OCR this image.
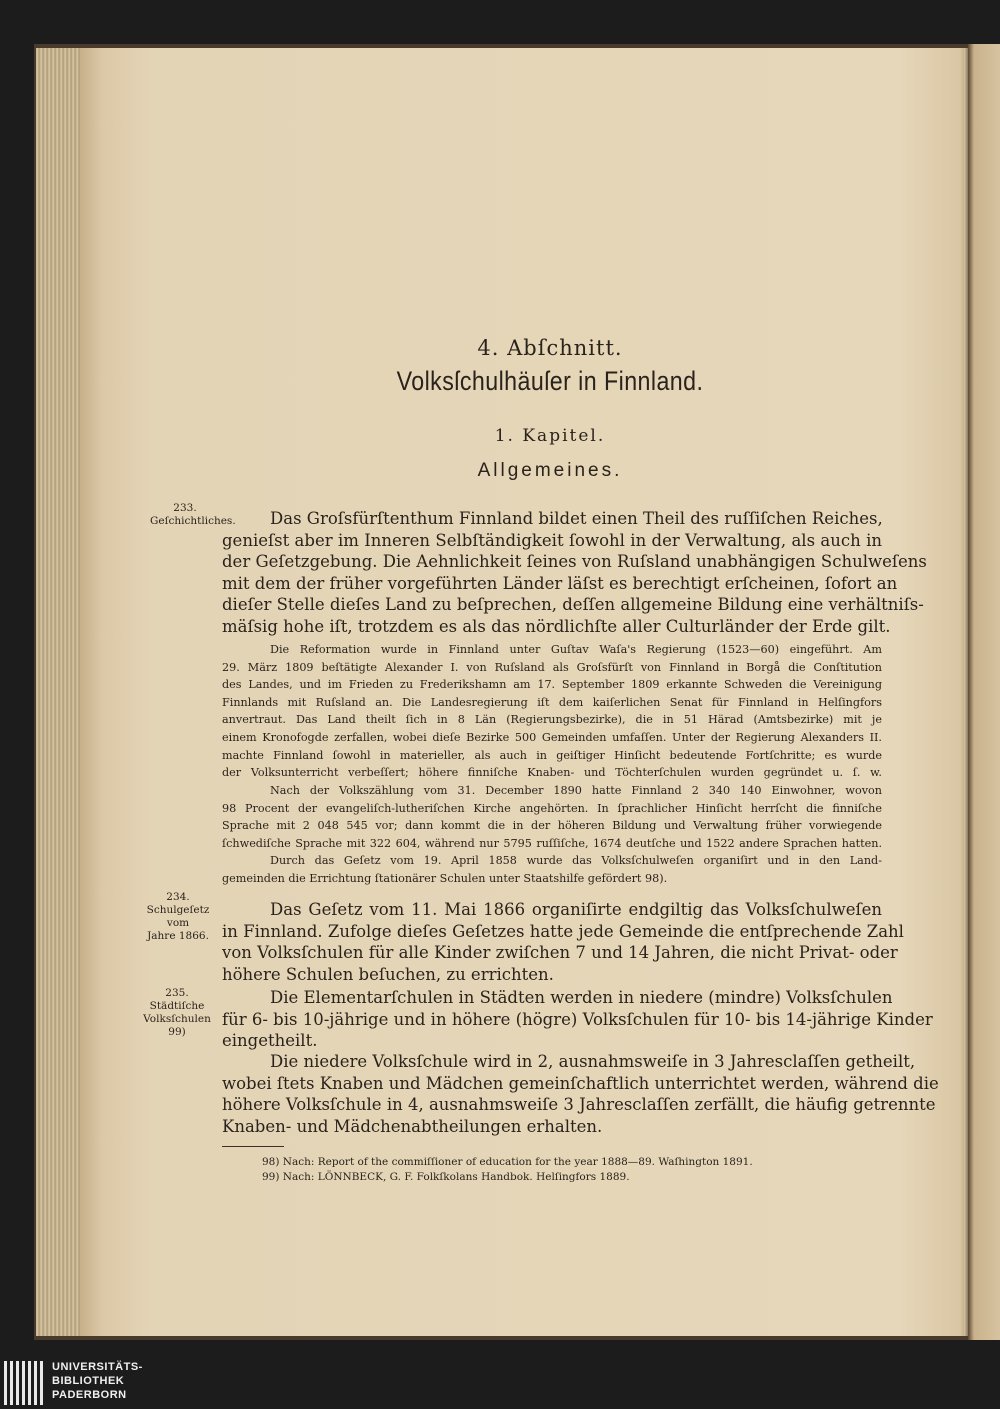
4. Abſchnitt.
Volksſchulhäuſer in Finnland.
1. Kapitel.
Allgemeines.
233.
Geſchichtliches.
234.
Schulgeſetz
vom
Jahre 1866.
235.
Städtiſche
Volksſchulen 99)
Das Groſsfürſtenthum Finnland bildet einen Theil des ruſſiſchen Reiches,
genieſst aber im Inneren Selbſtändigkeit ſowohl in der Verwaltung, als auch in
der Geſetzgebung. Die Aehnlichkeit ſeines von Ruſsland unabhängigen Schulweſens
mit dem der früher vorgeführten Länder läſst es berechtigt erſcheinen, ſofort an
dieſer Stelle dieſes Land zu beſprechen, deſſen allgemeine Bildung eine verhältniſs-
mäſsig hohe iſt, trotzdem es als das nördlichſte aller Culturländer der Erde gilt.
Die Reformation wurde in Finnland unter Guſtav Waſa's Regierung (1523—60) eingeführt. Am
29. März 1809 beſtätigte Alexander I. von Ruſsland als Groſsfürſt von Finnland in Borgå die Conſtitution
des Landes, und im Frieden zu Frederikshamn am 17. September 1809 erkannte Schweden die Vereinigung
Finnlands mit Ruſsland an. Die Landesregierung iſt dem kaiſerlichen Senat für Finnland in Helſingfors
anvertraut. Das Land theilt ſich in 8 Län (Regierungsbezirke), die in 51 Härad (Amtsbezirke) mit je
einem Kronofogde zerfallen, wobei dieſe Bezirke 500 Gemeinden umfaſſen. Unter der Regierung Alexanders II.
machte Finnland ſowohl in materieller, als auch in geiſtiger Hinſicht bedeutende Fortſchritte; es wurde
der Volksunterricht verbeſſert; höhere finniſche Knaben- und Töchterſchulen wurden gegründet u. ſ. w.
Nach der Volkszählung vom 31. December 1890 hatte Finnland 2 340 140 Einwohner, wovon
98 Procent der evangeliſch-lutheriſchen Kirche angehörten. In ſprachlicher Hinſicht herrſcht die finniſche
Sprache mit 2 048 545 vor; dann kommt die in der höheren Bildung und Verwaltung früher vorwiegende
ſchwediſche Sprache mit 322 604, während nur 5795 ruſſiſche, 1674 deutſche und 1522 andere Sprachen hatten.
Durch das Geſetz vom 19. April 1858 wurde das Volksſchulweſen organiſirt und in den Land-
gemeinden die Errichtung ſtationärer Schulen unter Staatshilfe gefördert 98).
Das Geſetz vom 11. Mai 1866 organiſirte endgiltig das Volksſchulweſen
in Finnland. Zufolge dieſes Geſetzes hatte jede Gemeinde die entſprechende Zahl
von Volksſchulen für alle Kinder zwiſchen 7 und 14 Jahren, die nicht Privat- oder
höhere Schulen beſuchen, zu errichten.
Die Elementarſchulen in Städten werden in niedere (mindre) Volksſchulen
für 6- bis 10-jährige und in höhere (högre) Volksſchulen für 10- bis 14-jährige Kinder
eingetheilt.
Die niedere Volksſchule wird in 2, ausnahmsweiſe in 3 Jahresclaſſen getheilt,
wobei ſtets Knaben und Mädchen gemeinſchaftlich unterrichtet werden, während die
höhere Volksſchule in 4, ausnahmsweiſe 3 Jahresclaſſen zerfällt, die häufig getrennte
Knaben- und Mädchenabtheilungen erhalten.
98) Nach: Report of the commiſſioner of education for the year 1888—89. Waſhington 1891.
99) Nach: LÖNNBECK, G. F. Folkſkolans Handbok. Helſingfors 1889.
UNIVERSITÄTS-
BIBLIOTHEK
PADERBORN
